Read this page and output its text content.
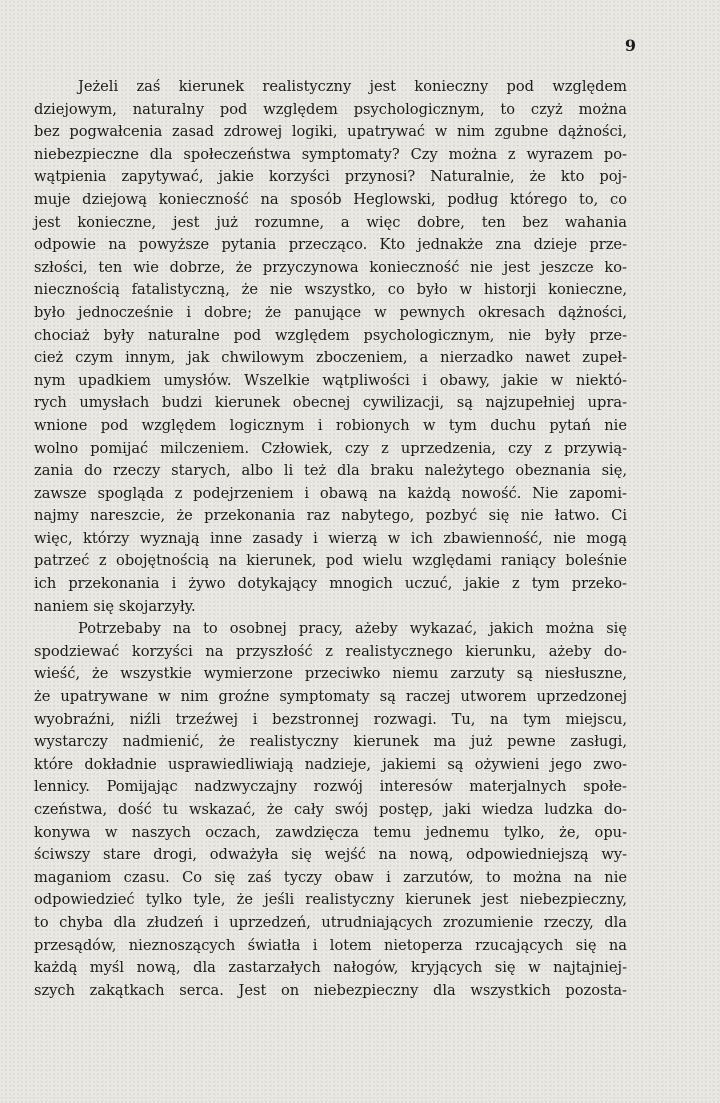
9
Jeżeli zaś kierunek realistyczny jest konieczny pod względem
dziejowym, naturalny pod względem psychologicznym, to czyż można
bez pogwałcenia zasad zdrowej logiki, upatrywać w nim zgubne dążności,
niebezpieczne dla społeczeństwa symptomaty? Czy można z wyrazem po-
wątpienia zapytywać, jakie korzyści przynosi? Naturalnie, że kto poj-
muje dziejową konieczność na sposób Heglowski, podług którego to, co
jest konieczne, jest już rozumne, a więc dobre, ten bez wahania
odpowie na powyższe pytania przecząco. Kto jednakże zna dzieje prze-
szłości, ten wie dobrze, że przyczynowa konieczność nie jest jeszcze ko-
niecznością fatalistyczną, że nie wszystko, co było w historji konieczne,
było jednocześnie i dobre; że panujące w pewnych okresach dążności,
chociaż były naturalne pod względem psychologicznym, nie były prze-
cież czym innym, jak chwilowym zboczeniem, a nierzadko nawet zupeł-
nym upadkiem umysłów. Wszelkie wątpliwości i obawy, jakie w niektó-
rych umysłach budzi kierunek obecnej cywilizacji, są najzupełniej upra-
wnione pod względem logicznym i robionych w tym duchu pytań nie
wolno pomijać milczeniem. Człowiek, czy z uprzedzenia, czy z przywią-
zania do rzeczy starych, albo li też dla braku należytego obeznania się,
zawsze spogląda z podejrzeniem i obawą na każdą nowość. Nie zapomi-
najmy nareszcie, że przekonania raz nabytego, pozbyć się nie łatwo. Ci
więc, którzy wyznają inne zasady i wierzą w ich zbawienność, nie mogą
patrzeć z obojętnością na kierunek, pod wielu względami raniący boleśnie
ich przekonania i żywo dotykający mnogich uczuć, jakie z tym przeko-
naniem się skojarzyły.
Potrzebaby na to osobnej pracy, ażeby wykazać, jakich można się
spodziewać korzyści na przyszłość z realistycznego kierunku, ażeby do-
wieść, że wszystkie wymierzone przeciwko niemu zarzuty są niesłuszne,
że upatrywane w nim groźne symptomaty są raczej utworem uprzedzonej
wyobraźni, niźli trzeźwej i bezstronnej rozwagi. Tu, na tym miejscu,
wystarczy nadmienić, że realistyczny kierunek ma już pewne zasługi,
które dokładnie usprawiedliwiają nadzieje, jakiemi są ożywieni jego zwo-
lennicy. Pomijając nadzwyczajny rozwój interesów materjalnych społe-
czeństwa, dość tu wskazać, że cały swój postęp, jaki wiedza ludzka do-
konywa w naszych oczach, zawdzięcza temu jednemu tylko, że, opu-
ściwszy stare drogi, odważyła się wejść na nową, odpowiedniejszą wy-
maganiom czasu. Co się zaś tyczy obaw i zarzutów, to można na nie
odpowiedzieć tylko tyle, że jeśli realistyczny kierunek jest niebezpieczny,
to chyba dla złudzeń i uprzedzeń, utrudniających zrozumienie rzeczy, dla
przesądów, nieznoszących światła i lotem nietoperza rzucających się na
każdą myśl nową, dla zastarzałych nałogów, kryjących się w najtajniej-
szych zakątkach serca. Jest on niebezpieczny dla wszystkich pozosta-
